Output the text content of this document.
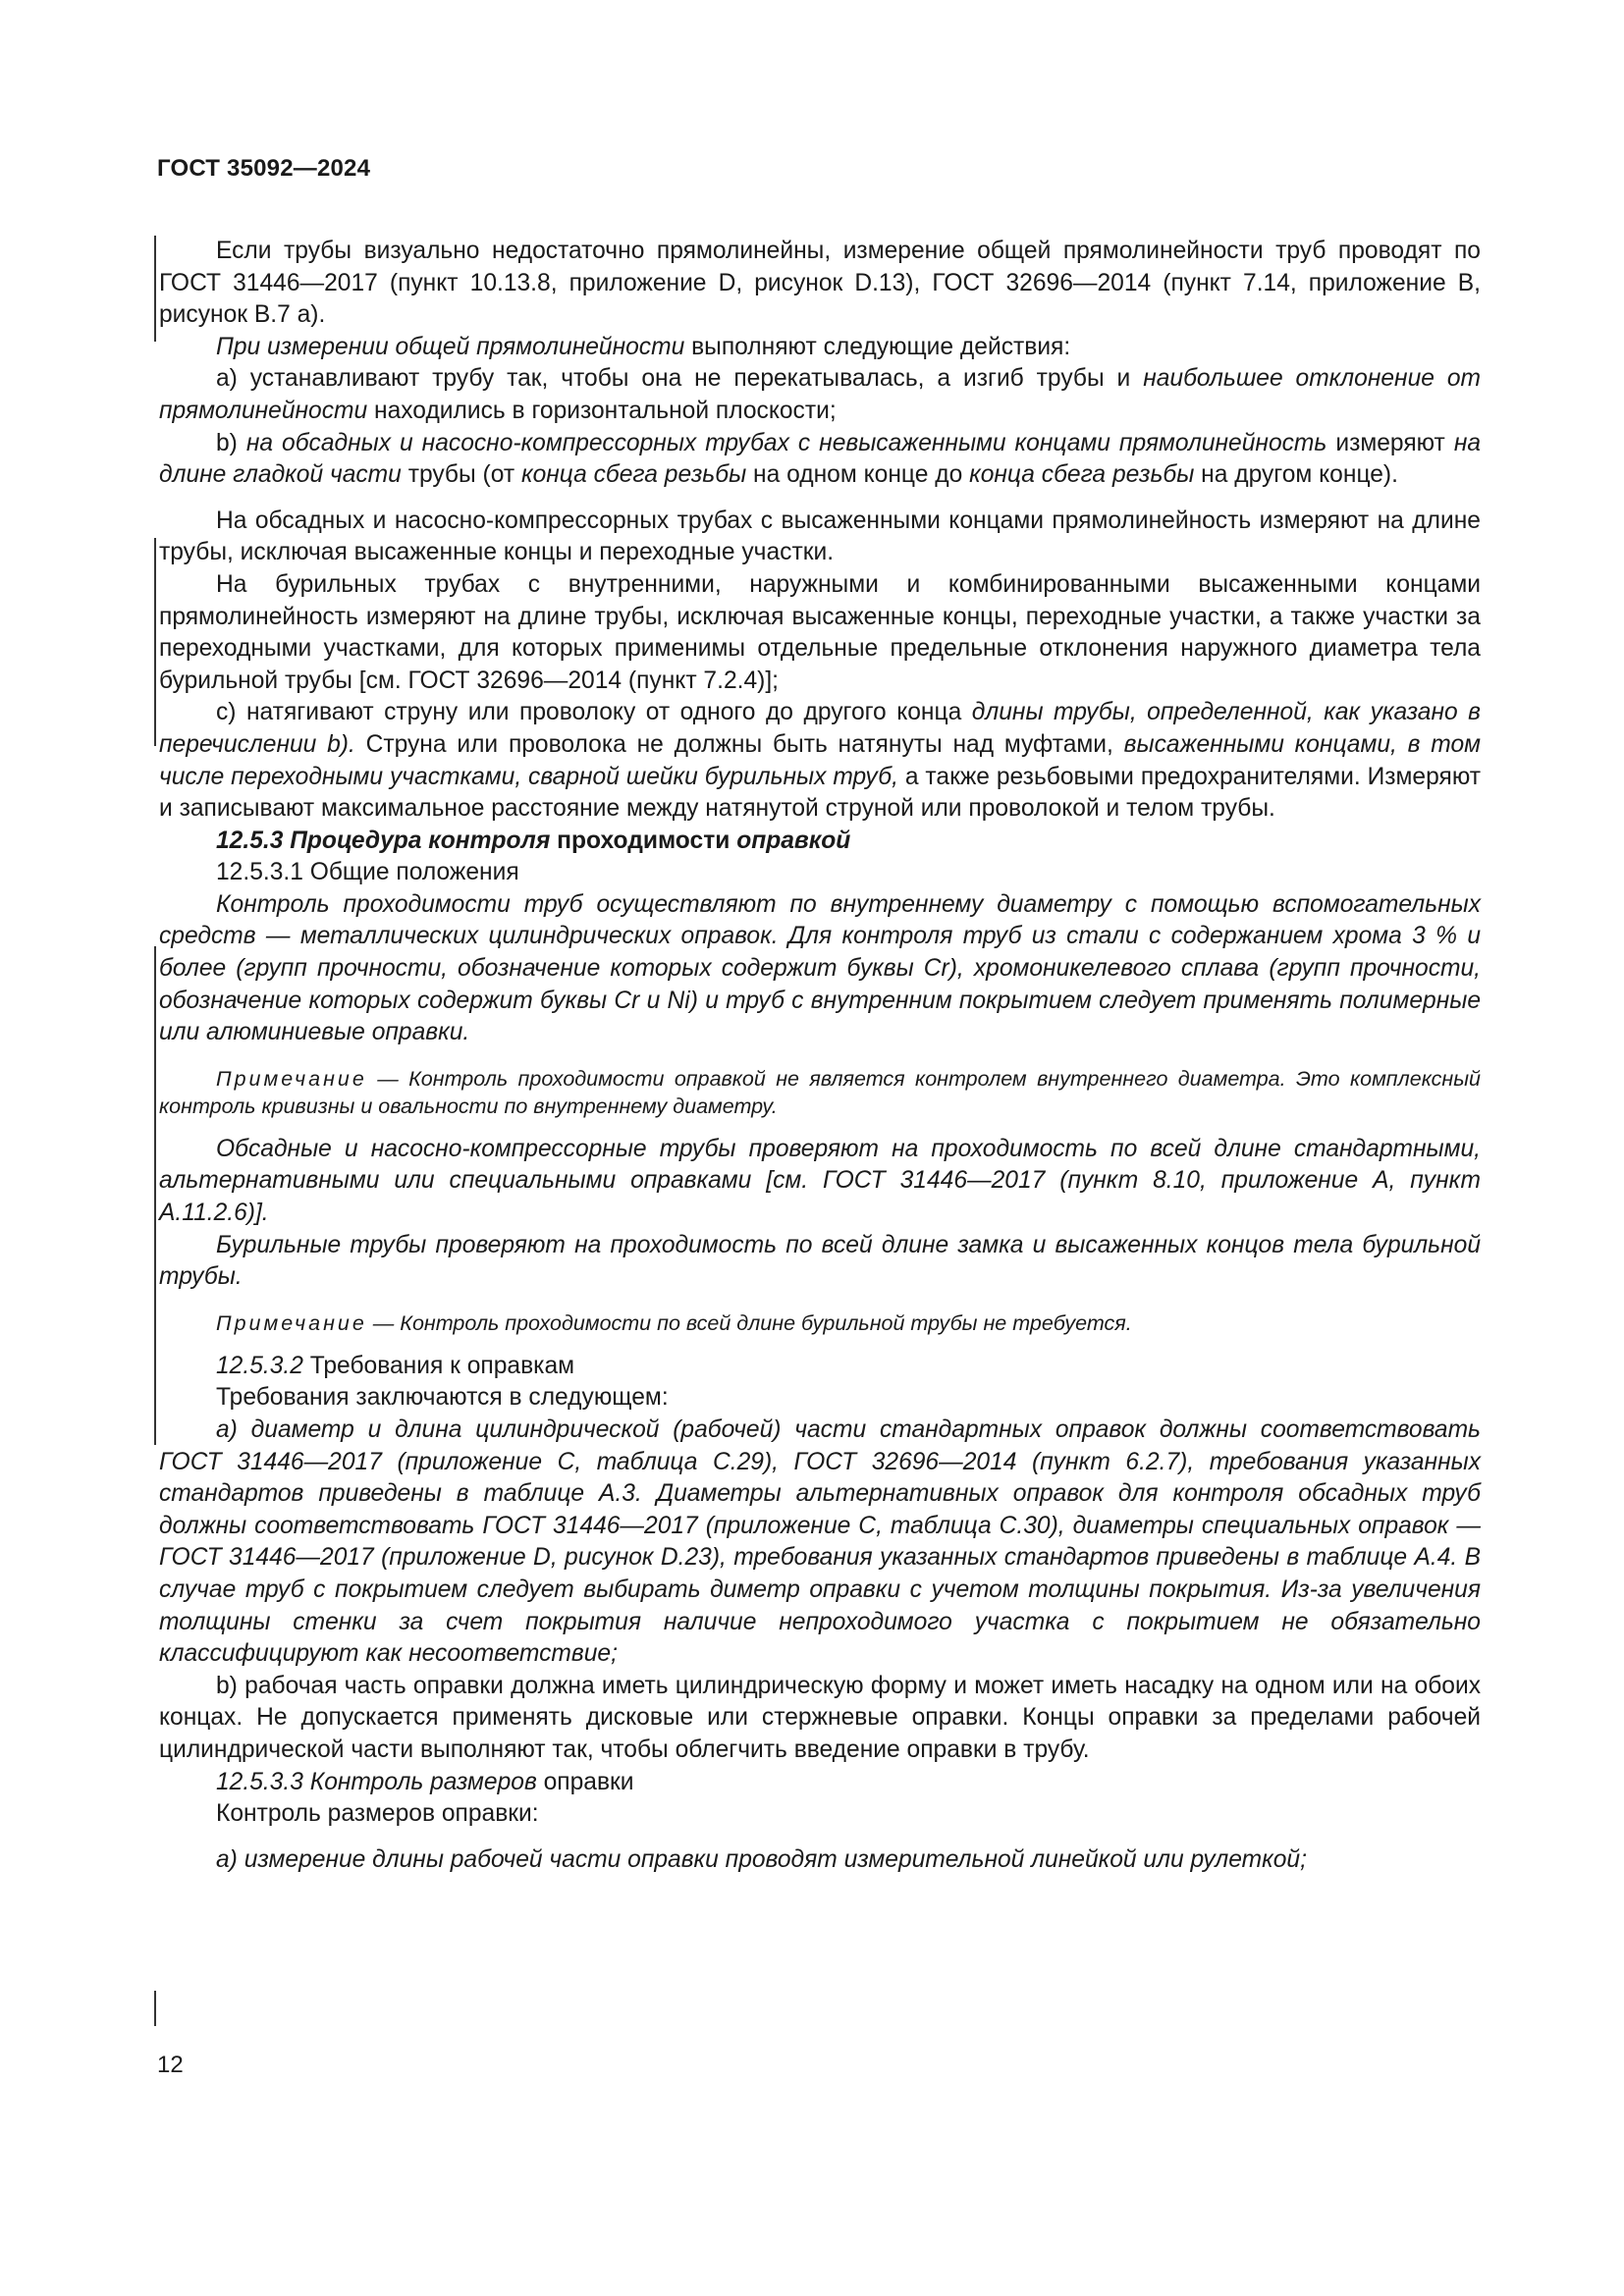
ГОСТ 35092—2024

Если трубы визуально недостаточно прямолинейны, измерение общей прямолинейности труб проводят по ГОСТ 31446—2017 (пункт 10.13.8, приложение D, рисунок D.13), ГОСТ 32696—2014 (пункт 7.14, приложение В, рисунок В.7 а).

При измерении общей прямолинейности выполняют следующие действия:

а) устанавливают трубу так, чтобы она не перекатывалась, а изгиб трубы и наибольшее отклонение от прямолинейности находились в горизонтальной плоскости;

b) на обсадных и насосно-компрессорных трубах с невысаженными концами прямолинейность измеряют на длине гладкой части трубы (от конца сбега резьбы на одном конце до конца сбега резьбы на другом конце).

На обсадных и насосно-компрессорных трубах с высаженными концами прямолинейность измеряют на длине трубы, исключая высаженные концы и переходные участки.

На бурильных трубах с внутренними, наружными и комбинированными высаженными концами прямолинейность измеряют на длине трубы, исключая высаженные концы, переходные участки, а также участки за переходными участками, для которых применимы отдельные предельные отклонения наружного диаметра тела бурильной трубы [см. ГОСТ 32696—2014 (пункт 7.2.4)];

c) натягивают струну или проволоку от одного до другого конца длины трубы, определенной, как указано в перечислении b). Струна или проволока не должны быть натянуты над муфтами, высаженными концами, в том числе переходными участками, сварной шейки бурильных труб, а также резьбовыми предохранителями. Измеряют и записывают максимальное расстояние между натянутой струной или проволокой и телом трубы.

12.5.3 Процедура контроля проходимости оправкой

12.5.3.1 Общие положения

Контроль проходимости труб осуществляют по внутреннему диаметру с помощью вспомогательных средств — металлических цилиндрических оправок. Для контроля труб из стали с содержанием хрома 3 % и более (групп прочности, обозначение которых содержит буквы Cr), хромоникелевого сплава (групп прочности, обозначение которых содержит буквы Cr и Ni) и труб с внутренним покрытием следует применять полимерные или алюминиевые оправки.

Примечание — Контроль проходимости оправкой не является контролем внутреннего диаметра. Это комплексный контроль кривизны и овальности по внутреннему диаметру.

Обсадные и насосно-компрессорные трубы проверяют на проходимость по всей длине стандартными, альтернативными или специальными оправками [см. ГОСТ 31446—2017 (пункт 8.10, приложение А, пункт А.11.2.6)].

Бурильные трубы проверяют на проходимость по всей длине замка и высаженных концов тела бурильной трубы.

Примечание — Контроль проходимости по всей длине бурильной трубы не требуется.

12.5.3.2 Требования к оправкам

Требования заключаются в следующем:

а) диаметр и длина цилиндрической (рабочей) части стандартных оправок должны соответствовать ГОСТ 31446—2017 (приложение С, таблица С.29), ГОСТ 32696—2014 (пункт 6.2.7), требования указанных стандартов приведены в таблице А.3. Диаметры альтернативных оправок для контроля обсадных труб должны соответствовать ГОСТ 31446—2017 (приложение С, таблица С.30), диаметры специальных оправок — ГОСТ 31446—2017 (приложение D, рисунок D.23), требования указанных стандартов приведены в таблице А.4. В случае труб с покрытием следует выбирать димeтр оправки с учетом толщины покрытия. Из-за увеличения толщины стенки за счет покрытия наличие непроходимого участка с покрытием не обязательно классифицируют как несоответствие;

b) рабочая часть оправки должна иметь цилиндрическую форму и может иметь насадку на одном или на обоих концах. Не допускается применять дисковые или стержневые оправки. Концы оправки за пределами рабочей цилиндрической части выполняют так, чтобы облегчить введение оправки в трубу.

12.5.3.3 Контроль размеров оправки

Контроль размеров оправки:

а) измерение длины рабочей части оправки проводят измерительной линейкой или рулеткой;

12
